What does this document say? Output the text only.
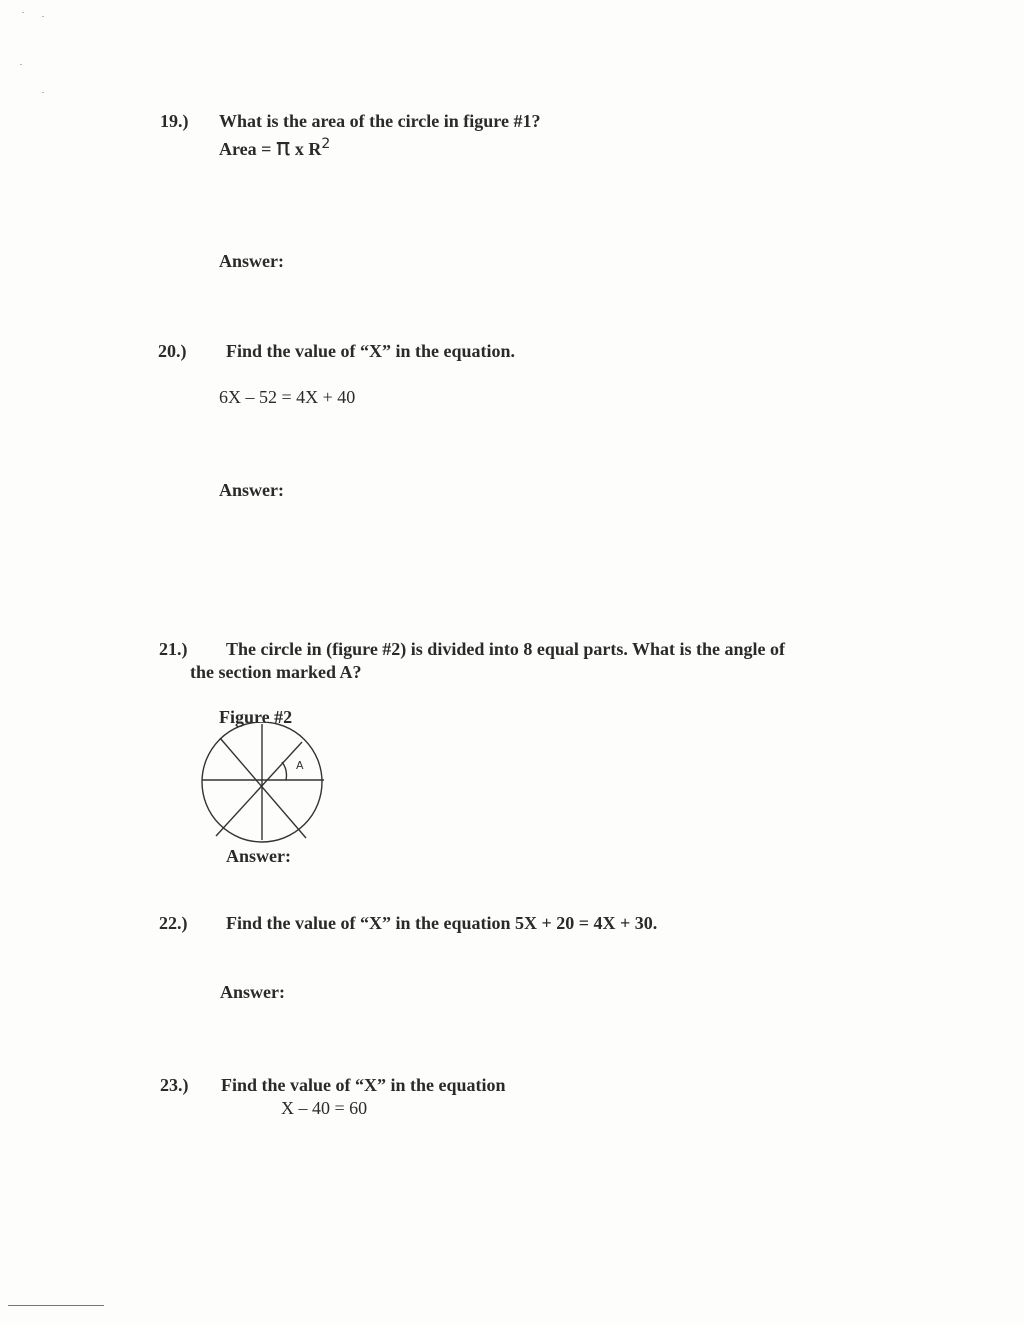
19.) What is the area of the circle in figure #1?
Area = π x $R^2$
Answer:
20.) Find the value of “X” in the equation.
6X – 52 = 4X + 40
Answer:
21.) The circle in (figure #2) is divided into 8 equal parts. What is the angle of
the section marked A?
Figure #2
A
Answer:
22.) Find the value of “X” in the equation 5X + 20 = 4X + 30.
Answer:
23.) Find the value of “X” in the equation
X – 40 = 60
